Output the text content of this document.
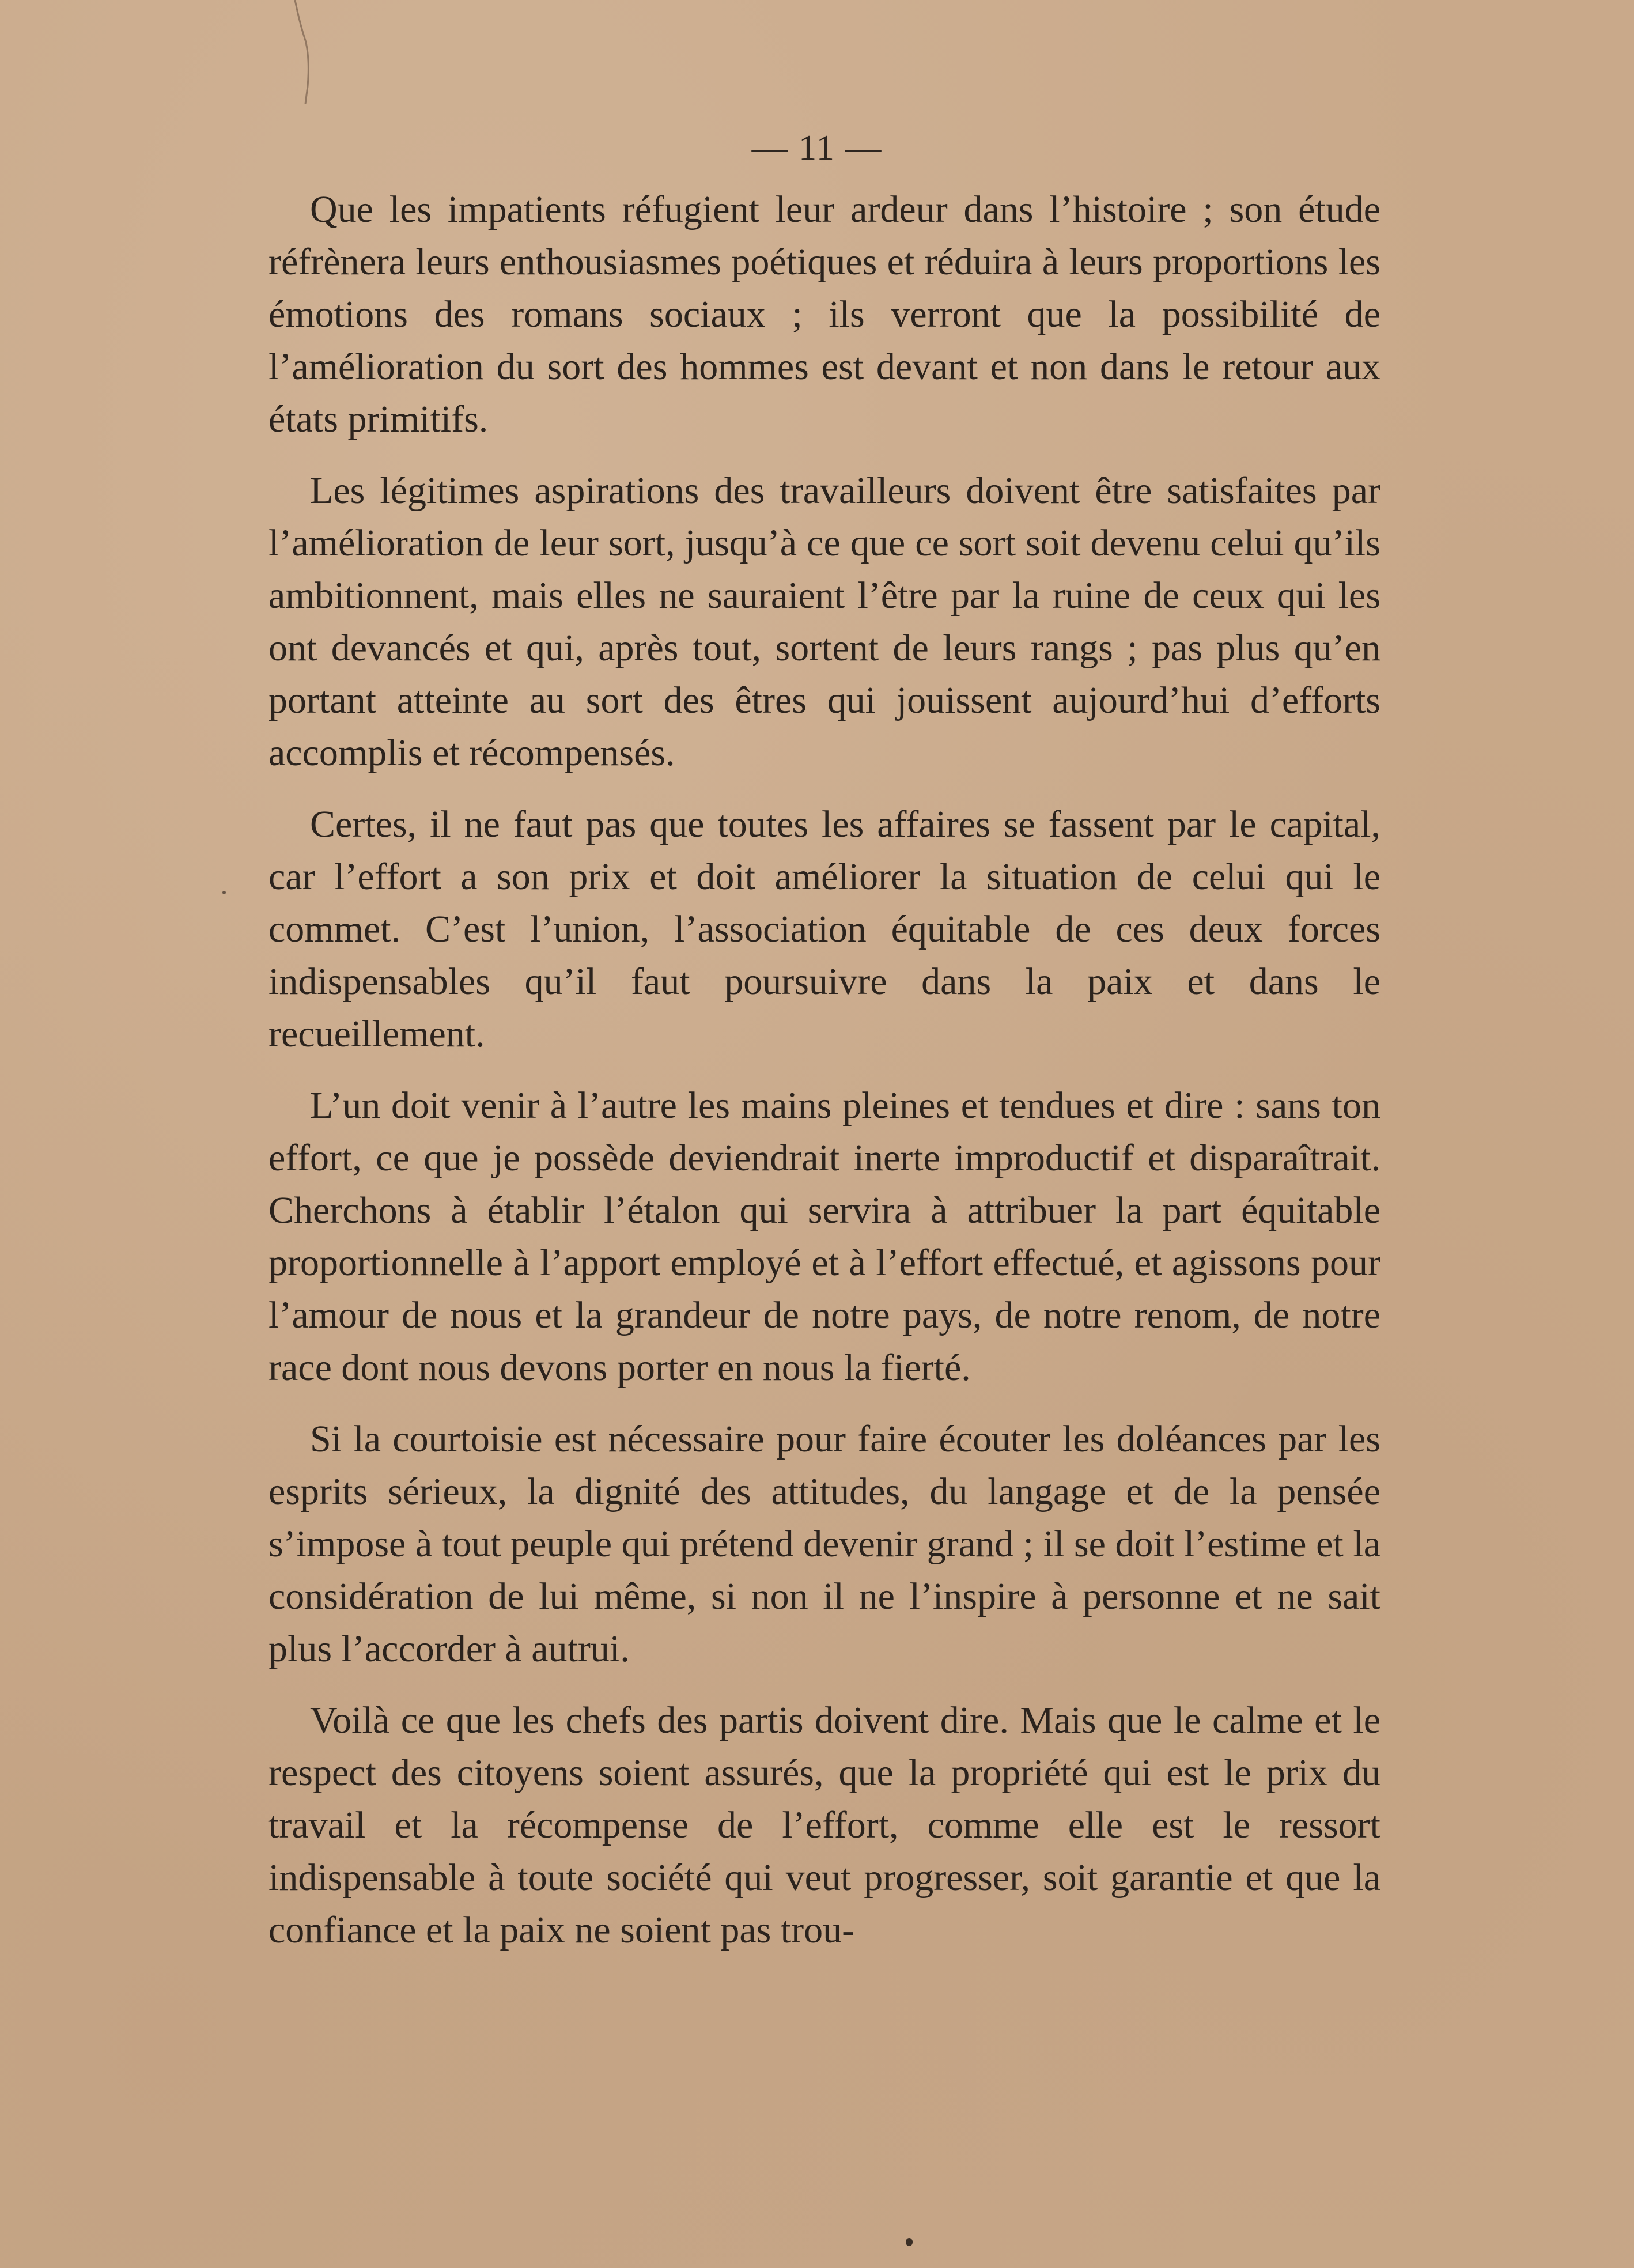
— 11 —

Que les impatients réfugient leur ardeur dans l’histoire ; son étude réfrènera leurs enthousiasmes poétiques et réduira à leurs proportions les émotions des romans sociaux ; ils verront que la possibilité de l’amélioration du sort des hommes est devant et non dans le retour aux états primitifs.

Les légitimes aspirations des travailleurs doivent être satisfaites par l’amélioration de leur sort, jusqu’à ce que ce sort soit devenu celui qu’ils ambitionnent, mais elles ne sauraient l’être par la ruine de ceux qui les ont devancés et qui, après tout, sortent de leurs rangs ; pas plus qu’en portant atteinte au sort des êtres qui jouissent aujourd’hui d’efforts accomplis et récompensés.

Certes, il ne faut pas que toutes les affaires se fassent par le capital, car l’effort a son prix et doit améliorer la situation de celui qui le commet. C’est l’union, l’association équitable de ces deux forces indispensables qu’il faut poursuivre dans la paix et dans le recueillement.

L’un doit venir à l’autre les mains pleines et tendues et dire : sans ton effort, ce que je possède deviendrait inerte improductif et disparaîtrait. Cherchons à établir l’étalon qui servira à attribuer la part équitable proportionnelle à l’apport employé et à l’effort effectué, et agissons pour l’amour de nous et la grandeur de notre pays, de notre renom, de notre race dont nous devons porter en nous la fierté.

Si la courtoisie est nécessaire pour faire écouter les doléances par les esprits sérieux, la dignité des attitudes, du langage et de la pensée s’impose à tout peuple qui prétend devenir grand ; il se doit l’estime et la considération de lui même, si non il ne l’inspire à personne et ne sait plus l’accorder à autrui.

Voilà ce que les chefs des partis doivent dire. Mais que le calme et le respect des citoyens soient assurés, que la propriété qui est le prix du travail et la récompense de l’effort, comme elle est le ressort indispensable à toute société qui veut progresser, soit garantie et que la confiance et la paix ne soient pas trou-
